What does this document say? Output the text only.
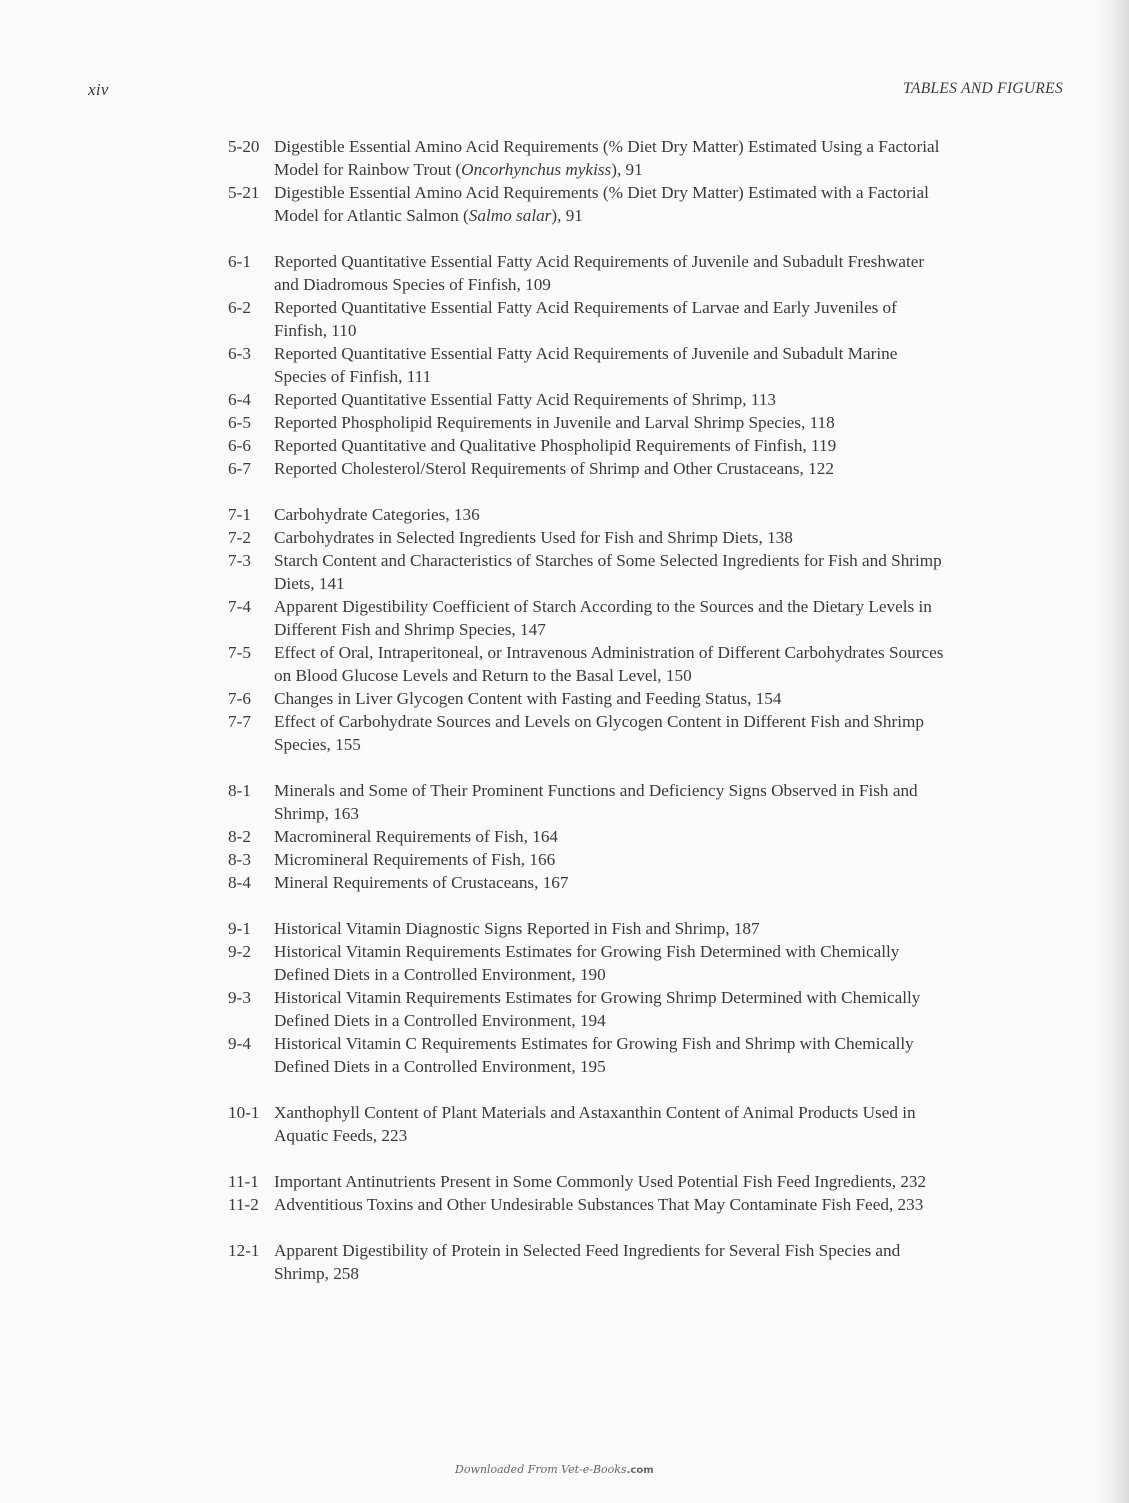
xiv	TABLES AND FIGURES
5-20 Digestible Essential Amino Acid Requirements (% Diet Dry Matter) Estimated Using a Factorial Model for Rainbow Trout (Oncorhynchus mykiss), 91
5-21 Digestible Essential Amino Acid Requirements (% Diet Dry Matter) Estimated with a Factorial Model for Atlantic Salmon (Salmo salar), 91
6-1	Reported Quantitative Essential Fatty Acid Requirements of Juvenile and Subadult Freshwater and Diadromous Species of Finfish, 109
6-2	Reported Quantitative Essential Fatty Acid Requirements of Larvae and Early Juveniles of Finfish, 110
6-3	Reported Quantitative Essential Fatty Acid Requirements of Juvenile and Subadult Marine Species of Finfish, 111
6-4	Reported Quantitative Essential Fatty Acid Requirements of Shrimp, 113
6-5	Reported Phospholipid Requirements in Juvenile and Larval Shrimp Species, 118
6-6	Reported Quantitative and Qualitative Phospholipid Requirements of Finfish, 119
6-7	Reported Cholesterol/Sterol Requirements of Shrimp and Other Crustaceans, 122
7-1	Carbohydrate Categories, 136
7-2	Carbohydrates in Selected Ingredients Used for Fish and Shrimp Diets, 138
7-3	Starch Content and Characteristics of Starches of Some Selected Ingredients for Fish and Shrimp Diets, 141
7-4	Apparent Digestibility Coefficient of Starch According to the Sources and the Dietary Levels in Different Fish and Shrimp Species, 147
7-5	Effect of Oral, Intraperitoneal, or Intravenous Administration of Different Carbohydrates Sources on Blood Glucose Levels and Return to the Basal Level, 150
7-6	Changes in Liver Glycogen Content with Fasting and Feeding Status, 154
7-7	Effect of Carbohydrate Sources and Levels on Glycogen Content in Different Fish and Shrimp Species, 155
8-1	Minerals and Some of Their Prominent Functions and Deficiency Signs Observed in Fish and Shrimp, 163
8-2	Macromineral Requirements of Fish, 164
8-3	Micromineral Requirements of Fish, 166
8-4	Mineral Requirements of Crustaceans, 167
9-1	Historical Vitamin Diagnostic Signs Reported in Fish and Shrimp, 187
9-2	Historical Vitamin Requirements Estimates for Growing Fish Determined with Chemically Defined Diets in a Controlled Environment, 190
9-3	Historical Vitamin Requirements Estimates for Growing Shrimp Determined with Chemically Defined Diets in a Controlled Environment, 194
9-4	Historical Vitamin C Requirements Estimates for Growing Fish and Shrimp with Chemically Defined Diets in a Controlled Environment, 195
10-1 Xanthophyll Content of Plant Materials and Astaxanthin Content of Animal Products Used in Aquatic Feeds, 223
11-1 Important Antinutrients Present in Some Commonly Used Potential Fish Feed Ingredients, 232
11-2 Adventitious Toxins and Other Undesirable Substances That May Contaminate Fish Feed, 233
12-1 Apparent Digestibility of Protein in Selected Feed Ingredients for Several Fish Species and Shrimp, 258
Downloaded From Vet-e-Books.com
